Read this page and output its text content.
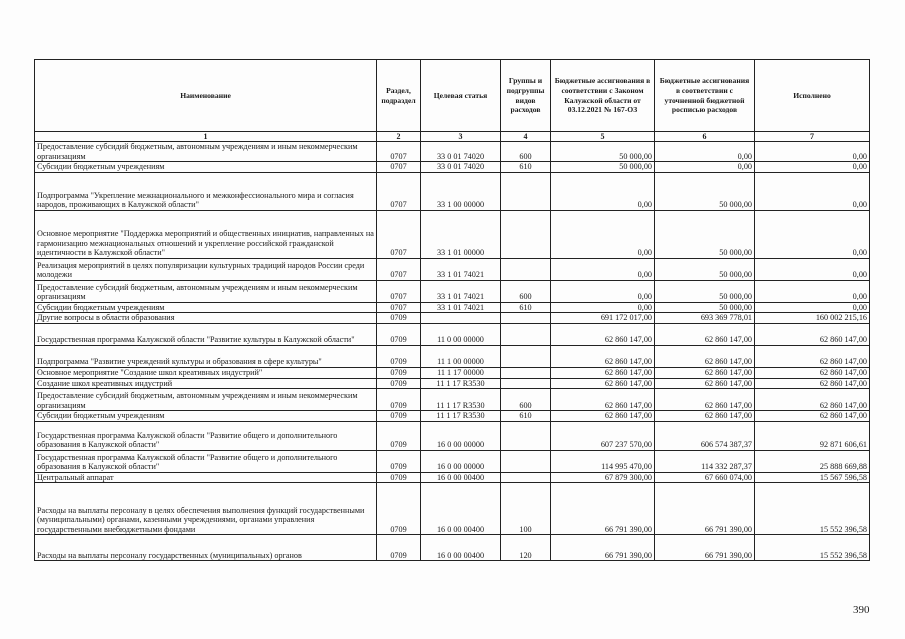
Наименование	Раздел, подраздел	Целевая статья	Группы и подгруппы видов расходов	Бюджетные ассигнования в соответствии с Законом Калужской области от 03.12.2021 № 167-ОЗ	Бюджетные ассигнования в соответствии с уточненной бюджетной росписью расходов	Исполнено
1	2	3	4	5	6	7
Предоставление субсидий бюджетным, автономным учреждениям и иным некоммерческим организациям	0707	33 0 01 74020	600	50 000,00	0,00	0,00
Субсидии бюджетным учреждениям	0707	33 0 01 74020	610	50 000,00	0,00	0,00
Подпрограмма "Укрепление межнационального и межконфессионального мира и согласия народов, проживающих в Калужской области"	0707	33 1 00 00000		0,00	50 000,00	0,00
Основное мероприятие "Поддержка мероприятий и общественных инициатив, направленных на гармонизацию межнациональных отношений и укрепление российской гражданской идентичности в Калужской области"	0707	33 1 01 00000		0,00	50 000,00	0,00
Реализация мероприятий в целях популяризации культурных традиций народов России среди молодежи	0707	33 1 01 74021		0,00	50 000,00	0,00
Предоставление субсидий бюджетным, автономным учреждениям и иным некоммерческим организациям	0707	33 1 01 74021	600	0,00	50 000,00	0,00
Субсидии бюджетным учреждениям	0707	33 1 01 74021	610	0,00	50 000,00	0,00
Другие вопросы в области образования	0709			691 172 017,00	693 369 778,01	160 002 215,16
Государственная программа Калужской области "Развитие культуры в Калужской области"	0709	11 0 00 00000		62 860 147,00	62 860 147,00	62 860 147,00
Подпрограмма "Развитие учреждений культуры и образования в сфере культуры"	0709	11 1 00 00000		62 860 147,00	62 860 147,00	62 860 147,00
Основное мероприятие "Создание школ креативных индустрий"	0709	11 1 17 00000		62 860 147,00	62 860 147,00	62 860 147,00
Создание школ креативных индустрий	0709	11 1 17 R3530		62 860 147,00	62 860 147,00	62 860 147,00
Предоставление субсидий бюджетным, автономным учреждениям и иным некоммерческим организациям	0709	11 1 17 R3530	600	62 860 147,00	62 860 147,00	62 860 147,00
Субсидии бюджетным учреждениям	0709	11 1 17 R3530	610	62 860 147,00	62 860 147,00	62 860 147,00
Государственная программа Калужской области "Развитие общего и дополнительного образования в Калужской области"	0709	16 0 00 00000		607 237 570,00	606 574 387,37	92 871 606,61
Государственная программа Калужской области "Развитие общего и дополнительного образования в Калужской области"	0709	16 0 00 00000		114 995 470,00	114 332 287,37	25 888 669,88
Центральный аппарат	0709	16 0 00 00400		67 879 300,00	67 660 074,00	15 567 596,58
Расходы на выплаты персоналу в целях обеспечения выполнения функций государственными (муниципальными) органами, казенными учреждениями, органами управления государственными внебюджетными фондами	0709	16 0 00 00400	100	66 791 390,00	66 791 390,00	15 552 396,58
Расходы на выплаты персоналу государственных (муниципальных) органов	0709	16 0 00 00400	120	66 791 390,00	66 791 390,00	15 552 396,58
390
